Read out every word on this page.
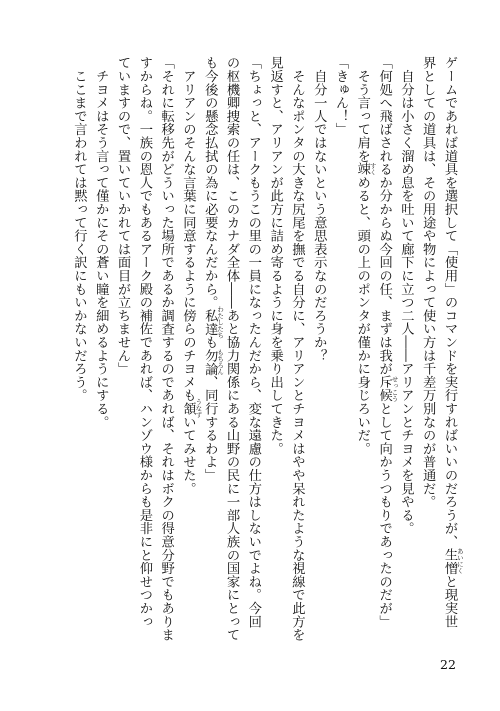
ゲームであれば道具を選択して「使用」のコマンドを実行すればいいのだろうが、生憎
あいにく
と現実世
界としての道具は、その用途や物によって使い方は千差万別なのが普通だ。
　自分は小さく溜め息を吐いて廊下に立つ二人――アリアンとチヨメを見やる。
「何処へ飛ばされるか分からぬ今回の任、まずは我が斥候
せっこう
として向かうつもりであったのだが」
　そう言って肩を竦
すく
めると、頭の上のポンタが僅かに身じろいだ。
「きゅん！」
　自分一人ではないという意思表示なのだろうか？
　そんなポンタの大きな尻尾を撫でる自分に、アリアンとチヨメはやや呆れたような視線で此方を
見返すと、アリアンが此方に詰め寄るように身を乗り出してきた。
「ちょっと、アークもうこの里の一員になったんだから、変な遠慮の仕方はしないでよね。今回
の枢機卿捜索の任は、このカナダ全体――あと協力関係にある山野の民に一部人族の国家にとって
も今後の懸念払拭の為に必要なんだから。私達
わたしたち
も勿論
もちろん
、同行するわよ」
　アリアンのそんな言葉に同意するように傍らのチヨメも頷
うなず
いてみせた。
「それに転移先がどういった場所であるか調査するのであれば、それはボクの得意分野でもありま
すからね。一族の恩人でもあるアーク殿の補佐であれば、ハンゾウ様からも是非にと仰せつかっ
ていますので、置いていかれては面目が立ちません」
　チヨメはそう言って僅かにその蒼い瞳を細めるようにする。
　ここまで言われては黙って行く訳にもいかないだろう。
22
